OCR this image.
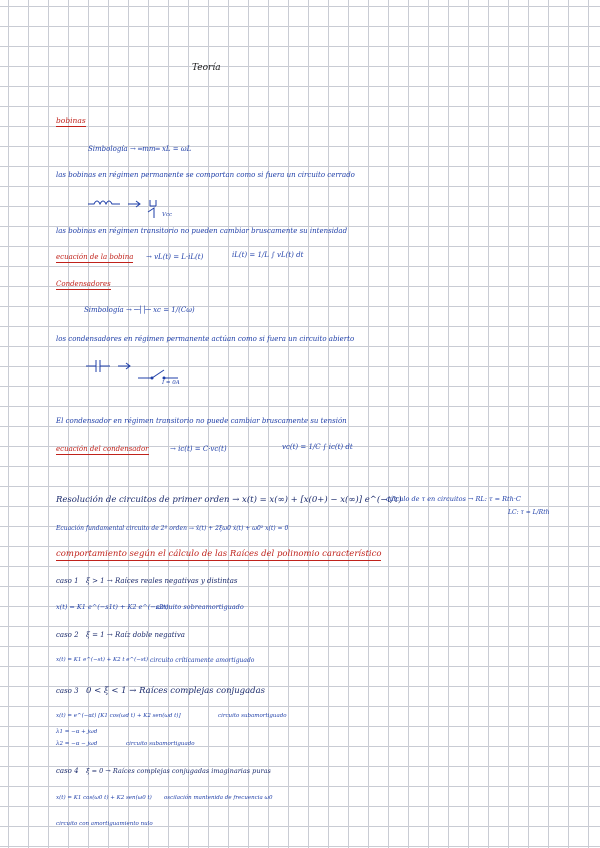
Teoría
bobinas
Simbología → ═mm═ xL = ωL
las bobinas en régimen permanente se comportan como si fuera un circuito cerrado
Vcc
las bobinas en régimen transitorio no pueden cambiar bruscamente su intensidad
ecuación de la bobina → vL(t) = L·iL(t)	iL(t) = 1/L ∫ vL(t) dt
Condensadores
Simbología → ─┤├─ xc = 1/(Cω)
los condensadores en régimen permanente actúan como si fuera un circuito abierto
I = 0A
El condensador en régimen transitorio no puede cambiar bruscamente su tensión
ecuación del condensador	→ ic(t) = C·vc(t)	vc(t) = 1/C ∫ ic(t) dt
Resolución de circuitos de primer orden → x(t) = x(∞) + [x(0+) − x(∞)] e^(−t/τ)
cálculo de τ en circuitos → RL: τ = Rth·C
LC: τ = L/Rth
Ecuación fundamental circuito de 2º orden → ẍ(t) + 2ξω0 ẋ(t) + ω0² x(t) = 0
comportamiento según el cálculo de las Raíces del polinomio característico
caso 1 ξ > 1 → Raíces reales negativas y distintas
x(t) = K1 e^(−s1t) + K2 e^(−s2t)
circuito sobreamortiguado
caso 2 ξ = 1 → Raíz doble negativa
x(t) = K1 e^(−st) + K2 t e^(−st) circuito críticamente amortiguado
caso 3 0 < ξ < 1 → Raíces complejas conjugadas
x(t) = e^(−αt) [K1 cos(ωd t) + K2 sen(ωd t)]	circuito subamortiguado
λ1 = −α + jωd
λ2 = −α − jωd	circuito subamortiguado
caso 4 ξ = 0 → Raíces complejas conjugadas imaginarias puras
x(t) = K1 cos(ω0 t) + K2 sen(ω0 t) oscilación mantenida de frecuencia ω0
circuito con amortiguamiento nulo
